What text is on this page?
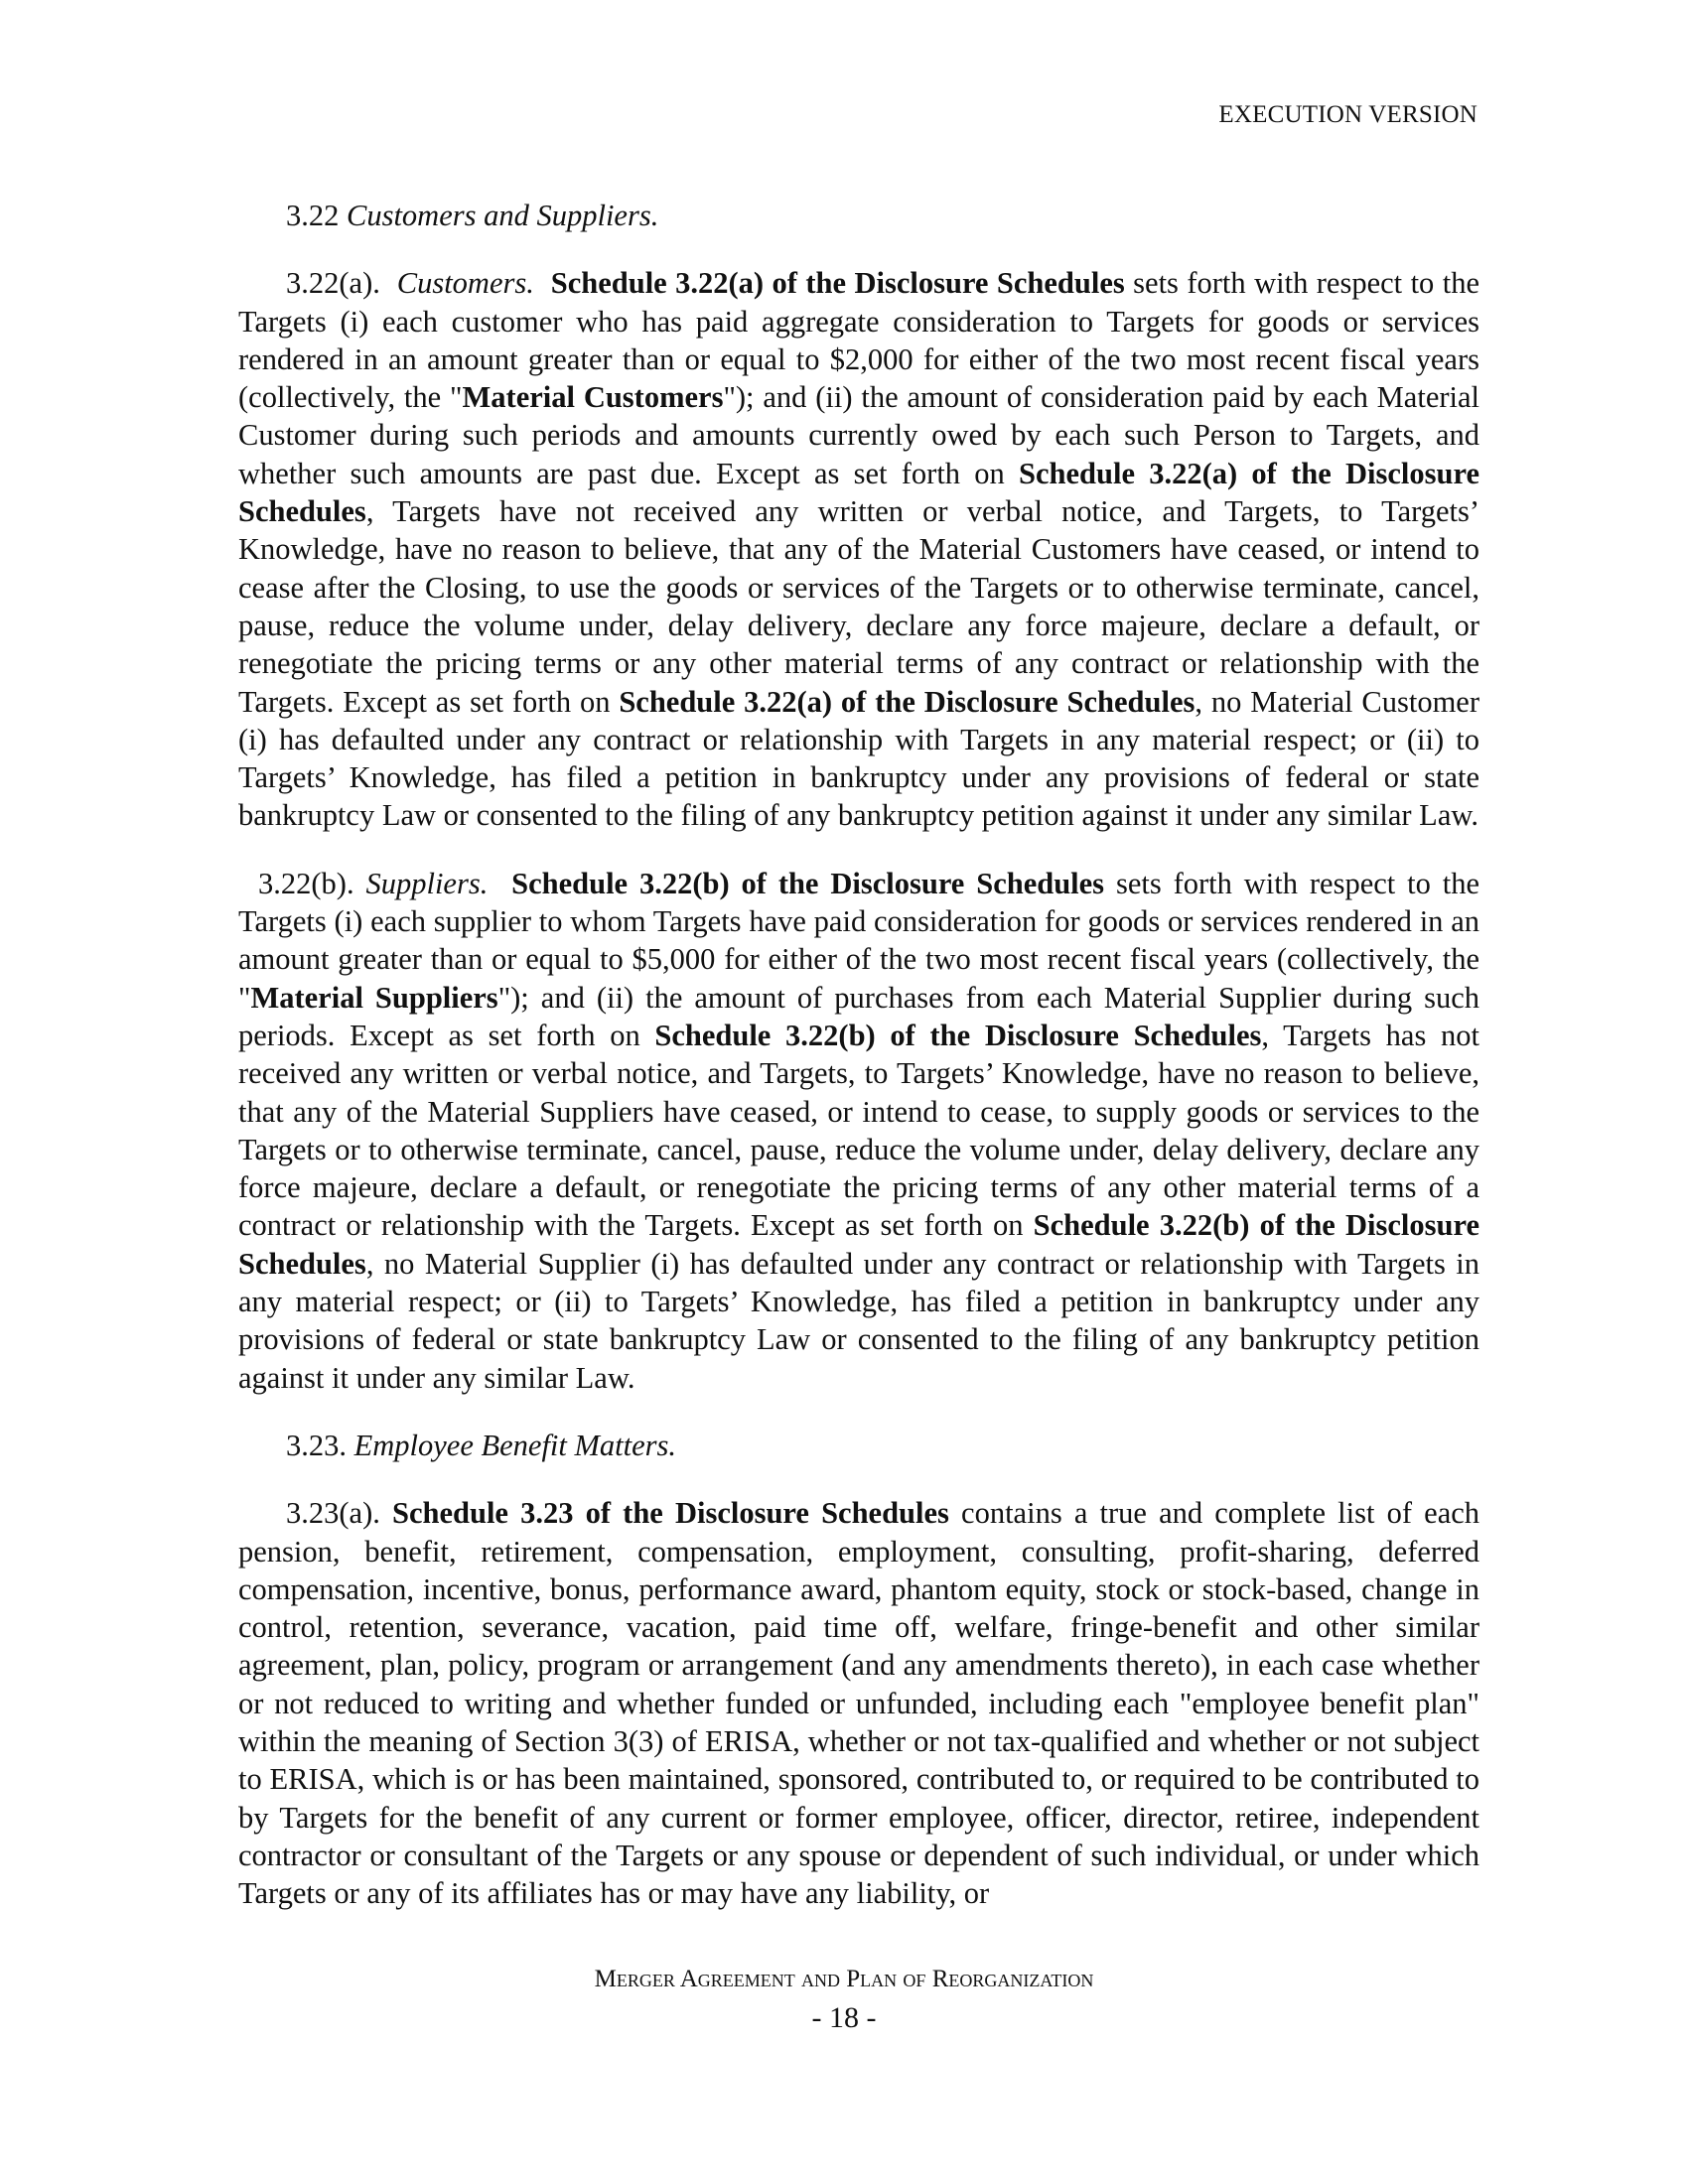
EXECUTION VERSION

3.22 Customers and Suppliers.

3.22(a). Customers. Schedule 3.22(a) of the Disclosure Schedules sets forth with respect to the Targets (i) each customer who has paid aggregate consideration to Targets for goods or services rendered in an amount greater than or equal to $2,000 for either of the two most recent fiscal years (collectively, the "Material Customers"); and (ii) the amount of consideration paid by each Material Customer during such periods and amounts currently owed by each such Person to Targets, and whether such amounts are past due. Except as set forth on Schedule 3.22(a) of the Disclosure Schedules, Targets have not received any written or verbal notice, and Targets, to Targets’ Knowledge, have no reason to believe, that any of the Material Customers have ceased, or intend to cease after the Closing, to use the goods or services of the Targets or to otherwise terminate, cancel, pause, reduce the volume under, delay delivery, declare any force majeure, declare a default, or renegotiate the pricing terms or any other material terms of any contract or relationship with the Targets. Except as set forth on Schedule 3.22(a) of the Disclosure Schedules, no Material Customer (i) has defaulted under any contract or relationship with Targets in any material respect; or (ii) to Targets’ Knowledge, has filed a petition in bankruptcy under any provisions of federal or state bankruptcy Law or consented to the filing of any bankruptcy petition against it under any similar Law.

3.22(b). Suppliers. Schedule 3.22(b) of the Disclosure Schedules sets forth with respect to the Targets (i) each supplier to whom Targets have paid consideration for goods or services rendered in an amount greater than or equal to $5,000 for either of the two most recent fiscal years (collectively, the "Material Suppliers"); and (ii) the amount of purchases from each Material Supplier during such periods. Except as set forth on Schedule 3.22(b) of the Disclosure Schedules, Targets has not received any written or verbal notice, and Targets, to Targets’ Knowledge, have no reason to believe, that any of the Material Suppliers have ceased, or intend to cease, to supply goods or services to the Targets or to otherwise terminate, cancel, pause, reduce the volume under, delay delivery, declare any force majeure, declare a default, or renegotiate the pricing terms of any other material terms of a contract or relationship with the Targets. Except as set forth on Schedule 3.22(b) of the Disclosure Schedules, no Material Supplier (i) has defaulted under any contract or relationship with Targets in any material respect; or (ii) to Targets’ Knowledge, has filed a petition in bankruptcy under any provisions of federal or state bankruptcy Law or consented to the filing of any bankruptcy petition against it under any similar Law.

3.23. Employee Benefit Matters.

3.23(a). Schedule 3.23 of the Disclosure Schedules contains a true and complete list of each pension, benefit, retirement, compensation, employment, consulting, profit-sharing, deferred compensation, incentive, bonus, performance award, phantom equity, stock or stock-based, change in control, retention, severance, vacation, paid time off, welfare, fringe-benefit and other similar agreement, plan, policy, program or arrangement (and any amendments thereto), in each case whether or not reduced to writing and whether funded or unfunded, including each "employee benefit plan" within the meaning of Section 3(3) of ERISA, whether or not tax-qualified and whether or not subject to ERISA, which is or has been maintained, sponsored, contributed to, or required to be contributed to by Targets for the benefit of any current or former employee, officer, director, retiree, independent contractor or consultant of the Targets or any spouse or dependent of such individual, or under which Targets or any of its affiliates has or may have any liability, or

Merger Agreement and Plan of Reorganization
- 18 -
